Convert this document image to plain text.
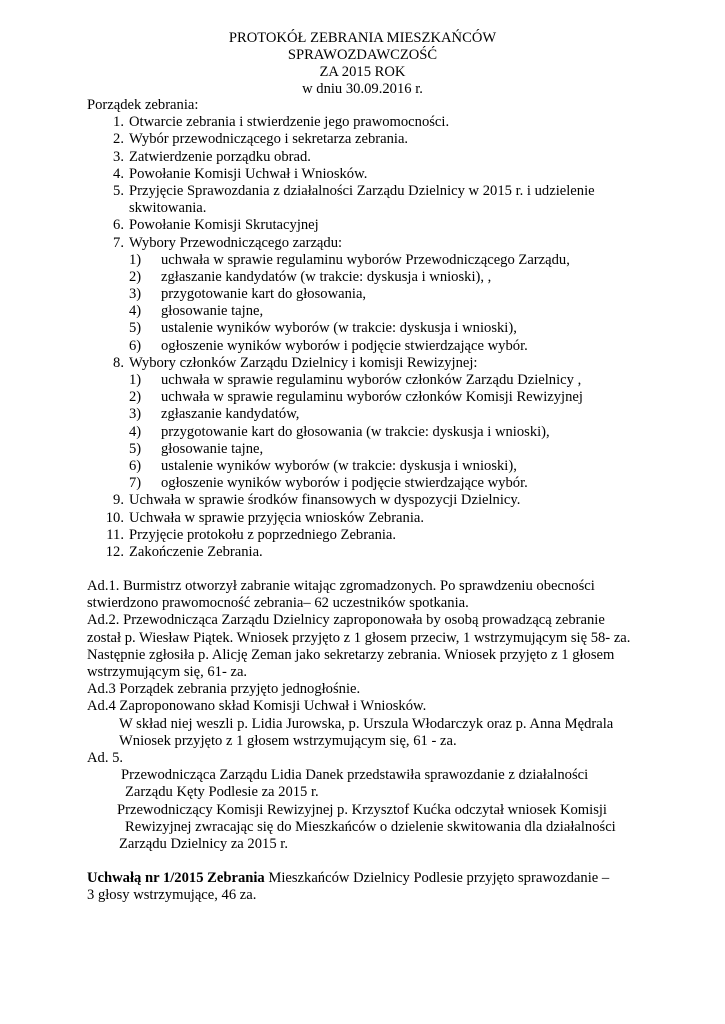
PROTOKÓŁ ZEBRANIA MIESZKAŃCÓW
SPRAWOZDAWCZOŚĆ
ZA 2015 ROK
w dniu 30.09.2016 r.
Porządek zebrania:
1. Otwarcie zebrania i stwierdzenie jego prawomocności.
2. Wybór przewodniczącego i sekretarza zebrania.
3. Zatwierdzenie porządku obrad.
4. Powołanie Komisji Uchwał i Wniosków.
5. Przyjęcie Sprawozdania z działalności Zarządu Dzielnicy w 2015 r. i udzielenie
skwitowania.
6. Powołanie Komisji Skrutacyjnej
7. Wybory Przewodniczącego zarządu:
1)	uchwała w sprawie regulaminu wyborów Przewodniczącego Zarządu,
2)	zgłaszanie kandydatów (w trakcie: dyskusja i wnioski), ,
3)	przygotowanie kart do głosowania,
4)	głosowanie tajne,
5)	ustalenie wyników wyborów (w trakcie: dyskusja i wnioski),
6)	ogłoszenie wyników wyborów i podjęcie stwierdzające wybór.
8. Wybory członków Zarządu Dzielnicy i komisji Rewizyjnej:
1)	uchwała w sprawie regulaminu wyborów członków Zarządu Dzielnicy ,
2)	uchwała w sprawie regulaminu wyborów członków Komisji Rewizyjnej
3)	zgłaszanie kandydatów,
4)	przygotowanie kart do głosowania (w trakcie: dyskusja i wnioski),
5)	głosowanie tajne,
6)	ustalenie wyników wyborów (w trakcie: dyskusja i wnioski),
7)	ogłoszenie wyników wyborów i podjęcie stwierdzające wybór.
9. Uchwała w sprawie środków finansowych w dyspozycji Dzielnicy.
10. Uchwała w sprawie przyjęcia wniosków Zebrania.
11. Przyjęcie protokołu z poprzedniego Zebrania.
12. Zakończenie Zebrania.
Ad.1. Burmistrz otworzył zabranie witając zgromadzonych. Po sprawdzeniu obecności
stwierdzono prawomocność zebrania– 62 uczestników spotkania.
Ad.2. Przewodnicząca Zarządu Dzielnicy zaproponowała by osobą prowadzącą zebranie
został p. Wiesław Piątek. Wniosek przyjęto z 1 głosem przeciw, 1 wstrzymującym się 58- za.
Następnie zgłosiła p. Alicję Zeman jako sekretarzy zebrania. Wniosek przyjęto z 1 głosem
wstrzymującym się, 61- za.
Ad.3 Porządek zebrania przyjęto jednogłośnie.
Ad.4 Zaproponowano skład Komisji Uchwał i Wniosków.
W skład niej weszli p. Lidia Jurowska, p. Urszula Włodarczyk oraz p. Anna Mędrala
Wniosek przyjęto z 1 głosem wstrzymującym się, 61 - za.
Ad. 5.
Przewodnicząca Zarządu Lidia Danek przedstawiła sprawozdanie z działalności
Zarządu Kęty Podlesie za 2015 r.
Przewodniczący Komisji Rewizyjnej p. Krzysztof Kućka odczytał wniosek Komisji
Rewizyjnej zwracając się do Mieszkańców o dzielenie skwitowania dla działalności
Zarządu Dzielnicy za 2015 r.
Uchwałą nr 1/2015 Zebrania Mieszkańców Dzielnicy Podlesie przyjęto sprawozdanie –
3 głosy wstrzymujące, 46 za.
